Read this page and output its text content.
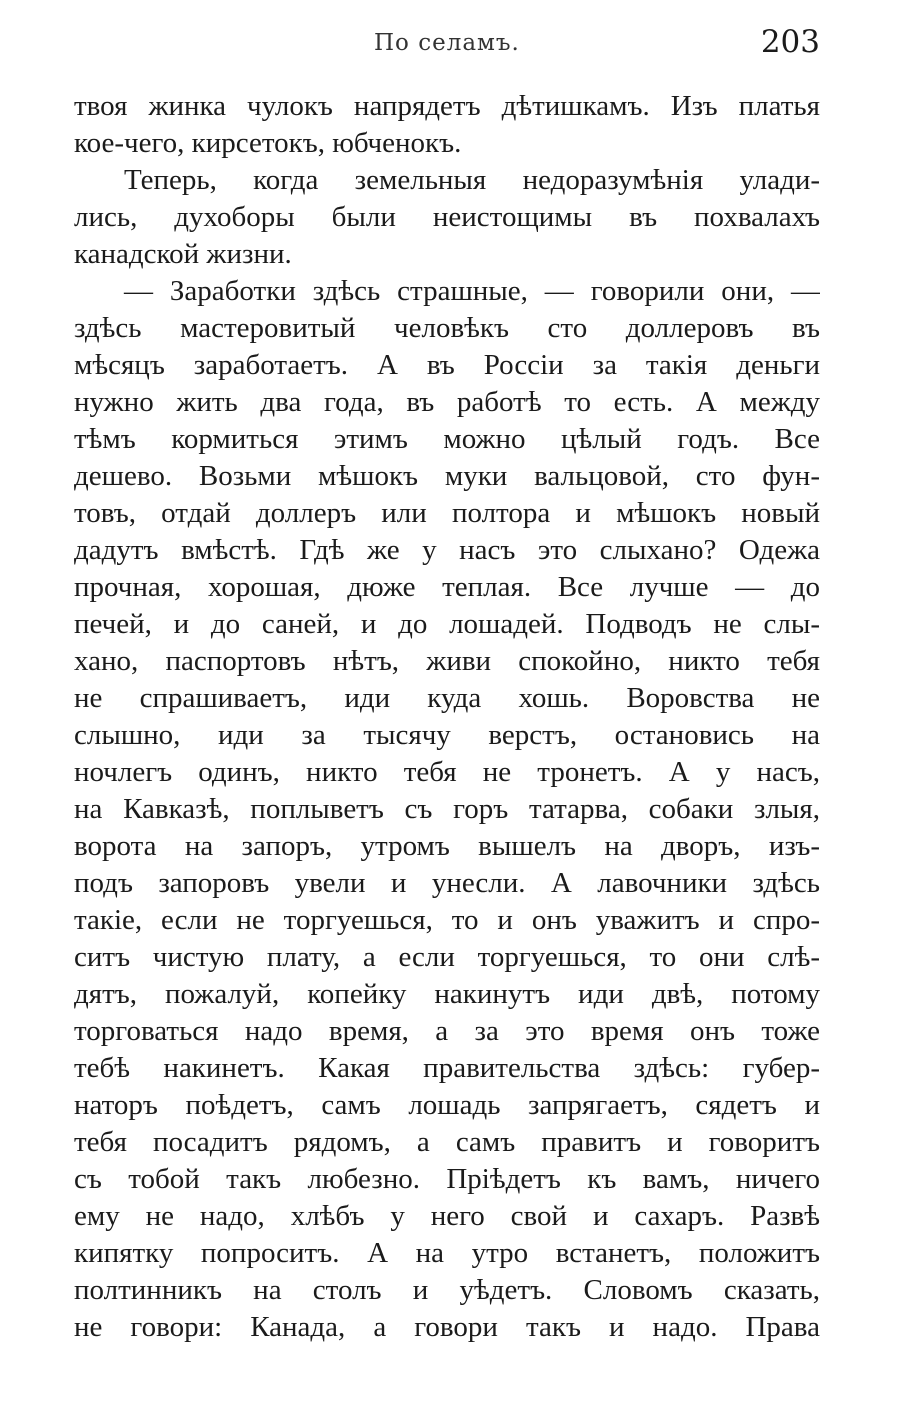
По селамъ.	203
твоя жинка чулокъ напрядетъ дѣтишкамъ. Изъ платья
кое-чего, кирсетокъ, юбченокъ.
Теперь, когда земельныя недоразумѣнія улади-
лись, духоборы были неистощимы въ похвалахъ
канадской жизни.
— Заработки здѣсь страшные, — говорили они, —
здѣсь мастеровитый человѣкъ сто доллеровъ въ
мѣсяцъ заработаетъ. А въ Россіи за такія деньги
нужно жить два года, въ работѣ то есть. А между
тѣмъ кормиться этимъ можно цѣлый годъ. Все
дешево. Возьми мѣшокъ муки вальцовой, сто фун-
товъ, отдай доллеръ или полтора и мѣшокъ новый
дадутъ вмѣстѣ. Гдѣ же у насъ это слыхано? Одежа
прочная, хорошая, дюже теплая. Все лучше — до
печей, и до саней, и до лошадей. Подводъ не слы-
хано, паспортовъ нѣтъ, живи спокойно, никто тебя
не спрашиваетъ, иди куда хошь. Воровства не
слышно, иди за тысячу верстъ, остановись на
ночлегъ одинъ, никто тебя не тронетъ. А у насъ,
на Кавказѣ, поплыветъ съ горъ татарва, собаки злыя,
ворота на запоръ, утромъ вышелъ на дворъ, изъ-
подъ запоровъ увели и унесли. А лавочники здѣсь
такіе, если не торгуешься, то и онъ уважитъ и спро-
ситъ чистую плату, а если торгуешься, то они слѣ-
дятъ, пожалуй, копейку накинутъ иди двѣ, потому
торговаться надо время, а за это время онъ тоже
тебѣ накинетъ. Какая правительства здѣсь: губер-
наторъ поѣдетъ, самъ лошадь запрягаетъ, сядетъ и
тебя посадитъ рядомъ, а самъ правитъ и говоритъ
съ тобой такъ любезно. Пріѣдетъ къ вамъ, ничего
ему не надо, хлѣбъ у него свой и сахаръ. Развѣ
кипятку попроситъ. А на утро встанетъ, положитъ
полтинникъ на столъ и уѣдетъ. Словомъ сказать,
не говори: Канада, а говори такъ и надо. Права
